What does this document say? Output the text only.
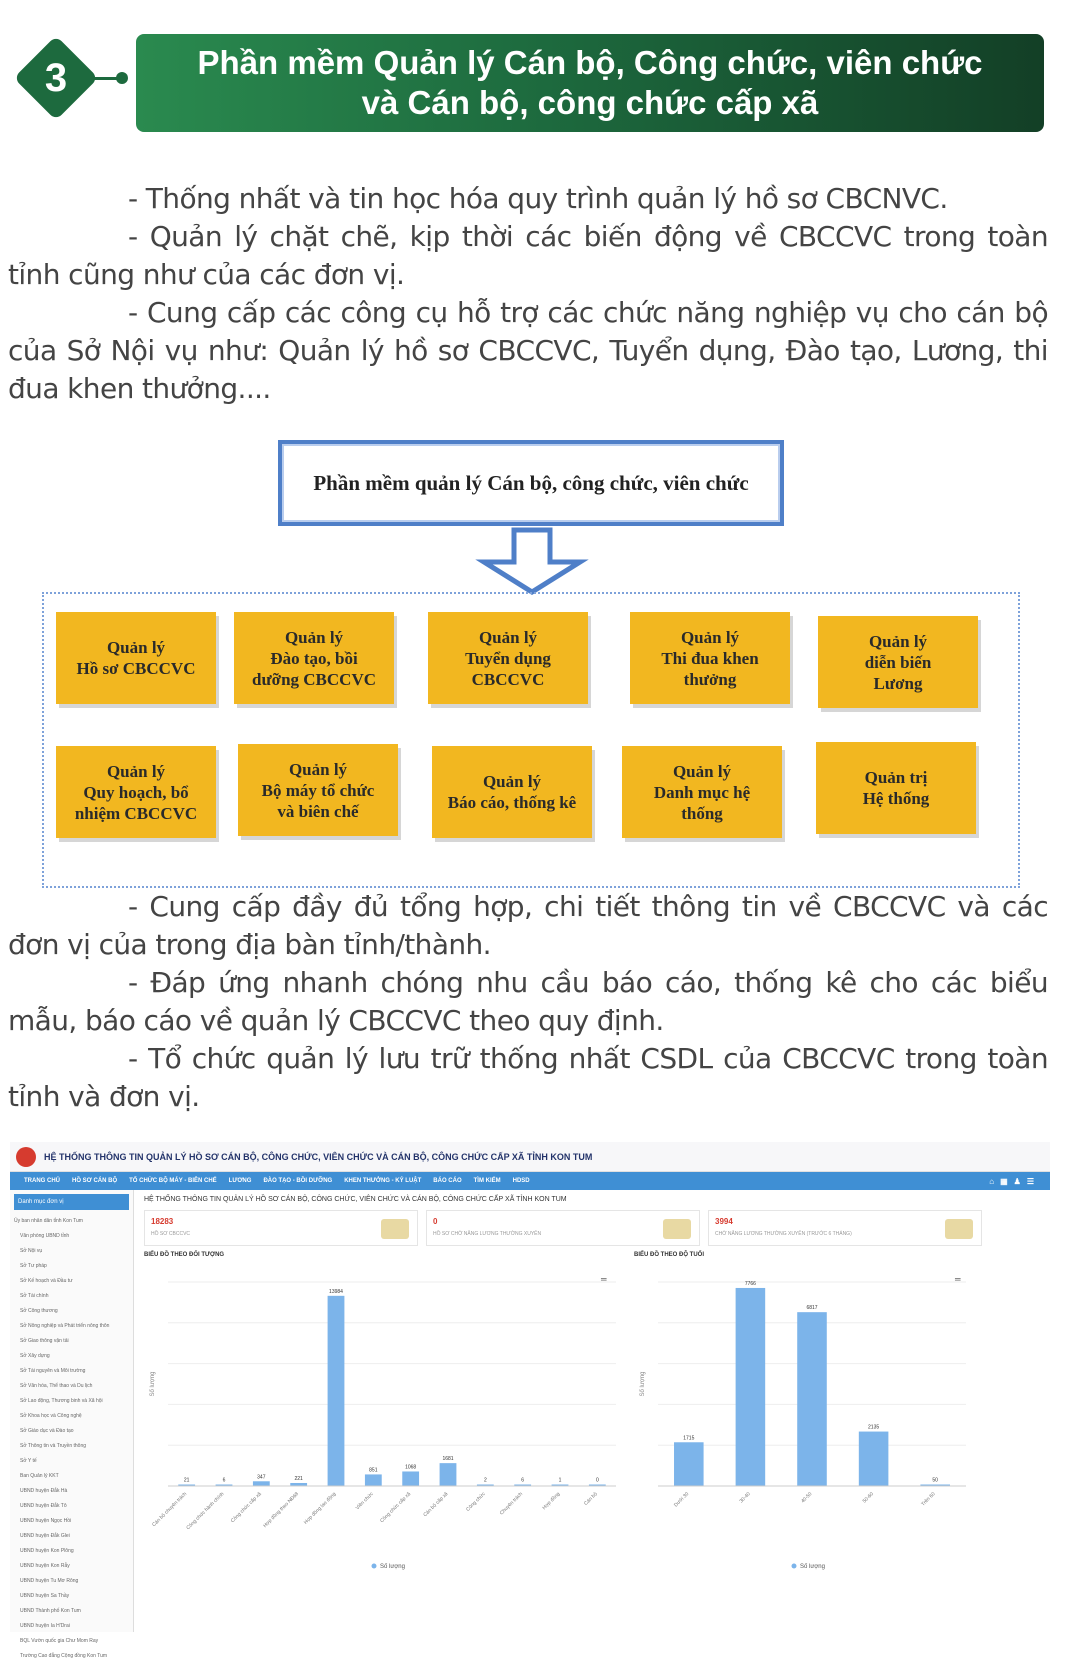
3	Phần mềm Quản lý Cán bộ, Công chức, viên chức
và Cán bộ, công chức cấp xã

- Thống nhất và tin học hóa quy trình quản lý hồ sơ CBCNVC.

- Quản lý chặt chẽ, kịp thời các biến động về CBCCVC trong toàn tỉnh cũng như của các đơn vị.

- Cung cấp các công cụ hỗ trợ các chức năng nghiệp vụ cho cán bộ của Sở Nội vụ như: Quản lý hồ sơ CBCCVC, Tuyển dụng, Đào tạo, Lương, thi đua khen thưởng....

Phần mềm quản lý Cán bộ, công chức, viên chức
Quản lý
Hồ sơ CBCCVC
Quản lý
Đào tạo, bồi
dưỡng CBCCVC
Quản lý
Tuyển dụng
CBCCVC
Quản lý
Thi đua khen
thưởng
Quản lý
diễn biến
Lương
Quản lý
Quy hoạch, bổ
nhiệm CBCCVC
Quản lý
Bộ máy tổ chức
và biên chế
Quản lý
Báo cáo, thống kê
Quản lý
Danh mục hệ
thống
Quản trị
Hệ thống

- Cung cấp đầy đủ tổng hợp, chi tiết thông tin về CBCCVC và các đơn vị của trong địa bàn tỉnh/thành.

- Đáp ứng nhanh chóng nhu cầu báo cáo, thống kê cho các biểu mẫu, báo cáo về quản lý CBCCVC theo quy định.

- Tổ chức quản lý lưu trữ thống nhất CSDL của CBCCVC trong toàn tỉnh và đơn vị.

HỆ THỐNG THÔNG TIN QUẢN LÝ HỒ SƠ CÁN BỘ, CÔNG CHỨC, VIÊN CHỨC VÀ CÁN BỘ, CÔNG CHỨC CẤP XÃ TỈNH KON TUM
TRANG CHỦ HỒ SƠ CÁN BỘ TỔ CHỨC BỘ MÁY - BIÊN CHẾ LƯƠNG ĐÀO TẠO - BỒI DƯỠNG KHEN THƯỞNG - KỶ LUẬT BÁO CÁO TÌM KIẾM HDSD	⌂▦♟☰
Danh mục đơn vị
Ủy ban nhân dân tỉnh Kon Tum
Văn phòng UBND tỉnh
Sở Nội vụ
Sở Tư pháp
Sở Kế hoạch và Đầu tư
Sở Tài chính
Sở Công thương
Sở Nông nghiệp và Phát triển nông thôn
Sở Giao thông vận tải
Sở Xây dựng
Sở Tài nguyên và Môi trường
Sở Văn hóa, Thể thao và Du lịch
Sở Lao động, Thương binh và Xã hội
Sở Khoa học và Công nghệ
Sở Giáo dục và Đào tạo
Sở Thông tin và Truyền thông
Sở Y tế
Ban Quản lý KKT
UBND huyện Đắk Hà
UBND huyện Đắk Tô
UBND huyện Ngọc Hồi
UBND huyện Đắk Glei
UBND huyện Kon Plông
UBND huyện Kon Rẫy
UBND huyện Tu Mơ Rông
UBND huyện Sa Thầy
UBND Thành phố Kon Tum
UBND huyện Ia H'Drai
BQL Vườn quốc gia Chư Mom Ray
Trường Cao đẳng Cộng đồng Kon Tum
HỆ THỐNG THÔNG TIN QUẢN LÝ HỒ SƠ CÁN BỘ, CÔNG CHỨC, VIÊN CHỨC VÀ CÁN BỘ, CÔNG CHỨC CẤP XÃ TỈNH KON TUM
18283
HỒ SƠ CBCCVC
0
HỒ SƠ CHỜ NÂNG LƯƠNG THƯỜNG XUYÊN
3994
CHỜ NÂNG LƯƠNG THƯỜNG XUYÊN (TRƯỚC 6 THÁNG)
BIỂU ĐỒ THEO ĐỐI TƯỢNG
≡
Số lượng
21
Cán bộ chuyên trách
6
Công chức hành chính
347
Công chức cấp xã
221
Hợp đồng theo NĐ68
13984
Hợp đồng lao động
851
Viên chức
1068
Công chức cấp xã
1681
Cán bộ cấp xã
2
Công chức
6
Chuyên trách
1
Hợp đồng
0
Cán bộ
Số lượng
BIỂU ĐỒ THEO ĐỘ TUỔI
≡
Số lượng
1715
Dưới 30
7766
30-40
6817
40-50
2135
50-60
50
Trên 60
Số lượng
